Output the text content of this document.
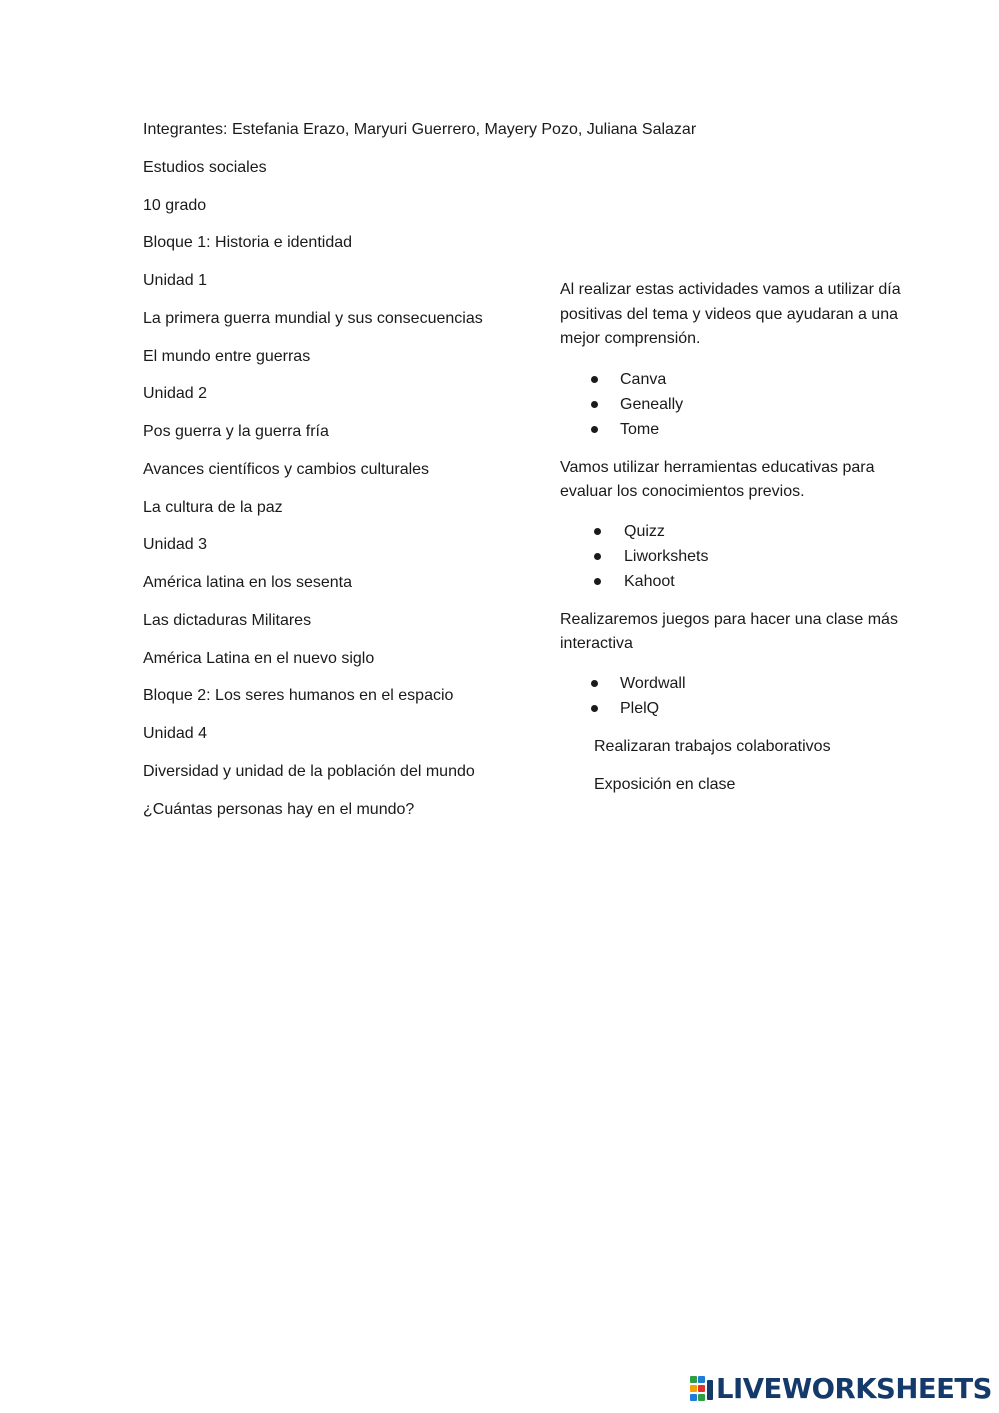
Integrantes: Estefania Erazo, Maryuri Guerrero, Mayery Pozo, Juliana Salazar
Estudios sociales
10 grado
Bloque 1: Historia e identidad
Unidad 1
La primera guerra mundial y sus consecuencias
El mundo entre guerras
Unidad 2
Pos guerra y la guerra fría
Avances científicos y cambios culturales
La cultura de la paz
Unidad 3
América latina en los sesenta
Las dictaduras Militares
América Latina en el nuevo siglo
Bloque 2: Los seres humanos en el espacio
Unidad 4
Diversidad y unidad de la población del mundo
¿Cuántas personas hay en el mundo?
Al realizar estas actividades vamos a utilizar día
positivas del tema y videos que ayudaran a una
mejor comprensión.
Canva
Geneally
Tome
Vamos utilizar herramientas educativas para
evaluar los conocimientos previos.
Quizz
Liworkshets
Kahoot
Realizaremos juegos para hacer una clase más
interactiva
Wordwall
PlelQ
Realizaran trabajos colaborativos
Exposición en clase
LIVEWORKSHEETS
